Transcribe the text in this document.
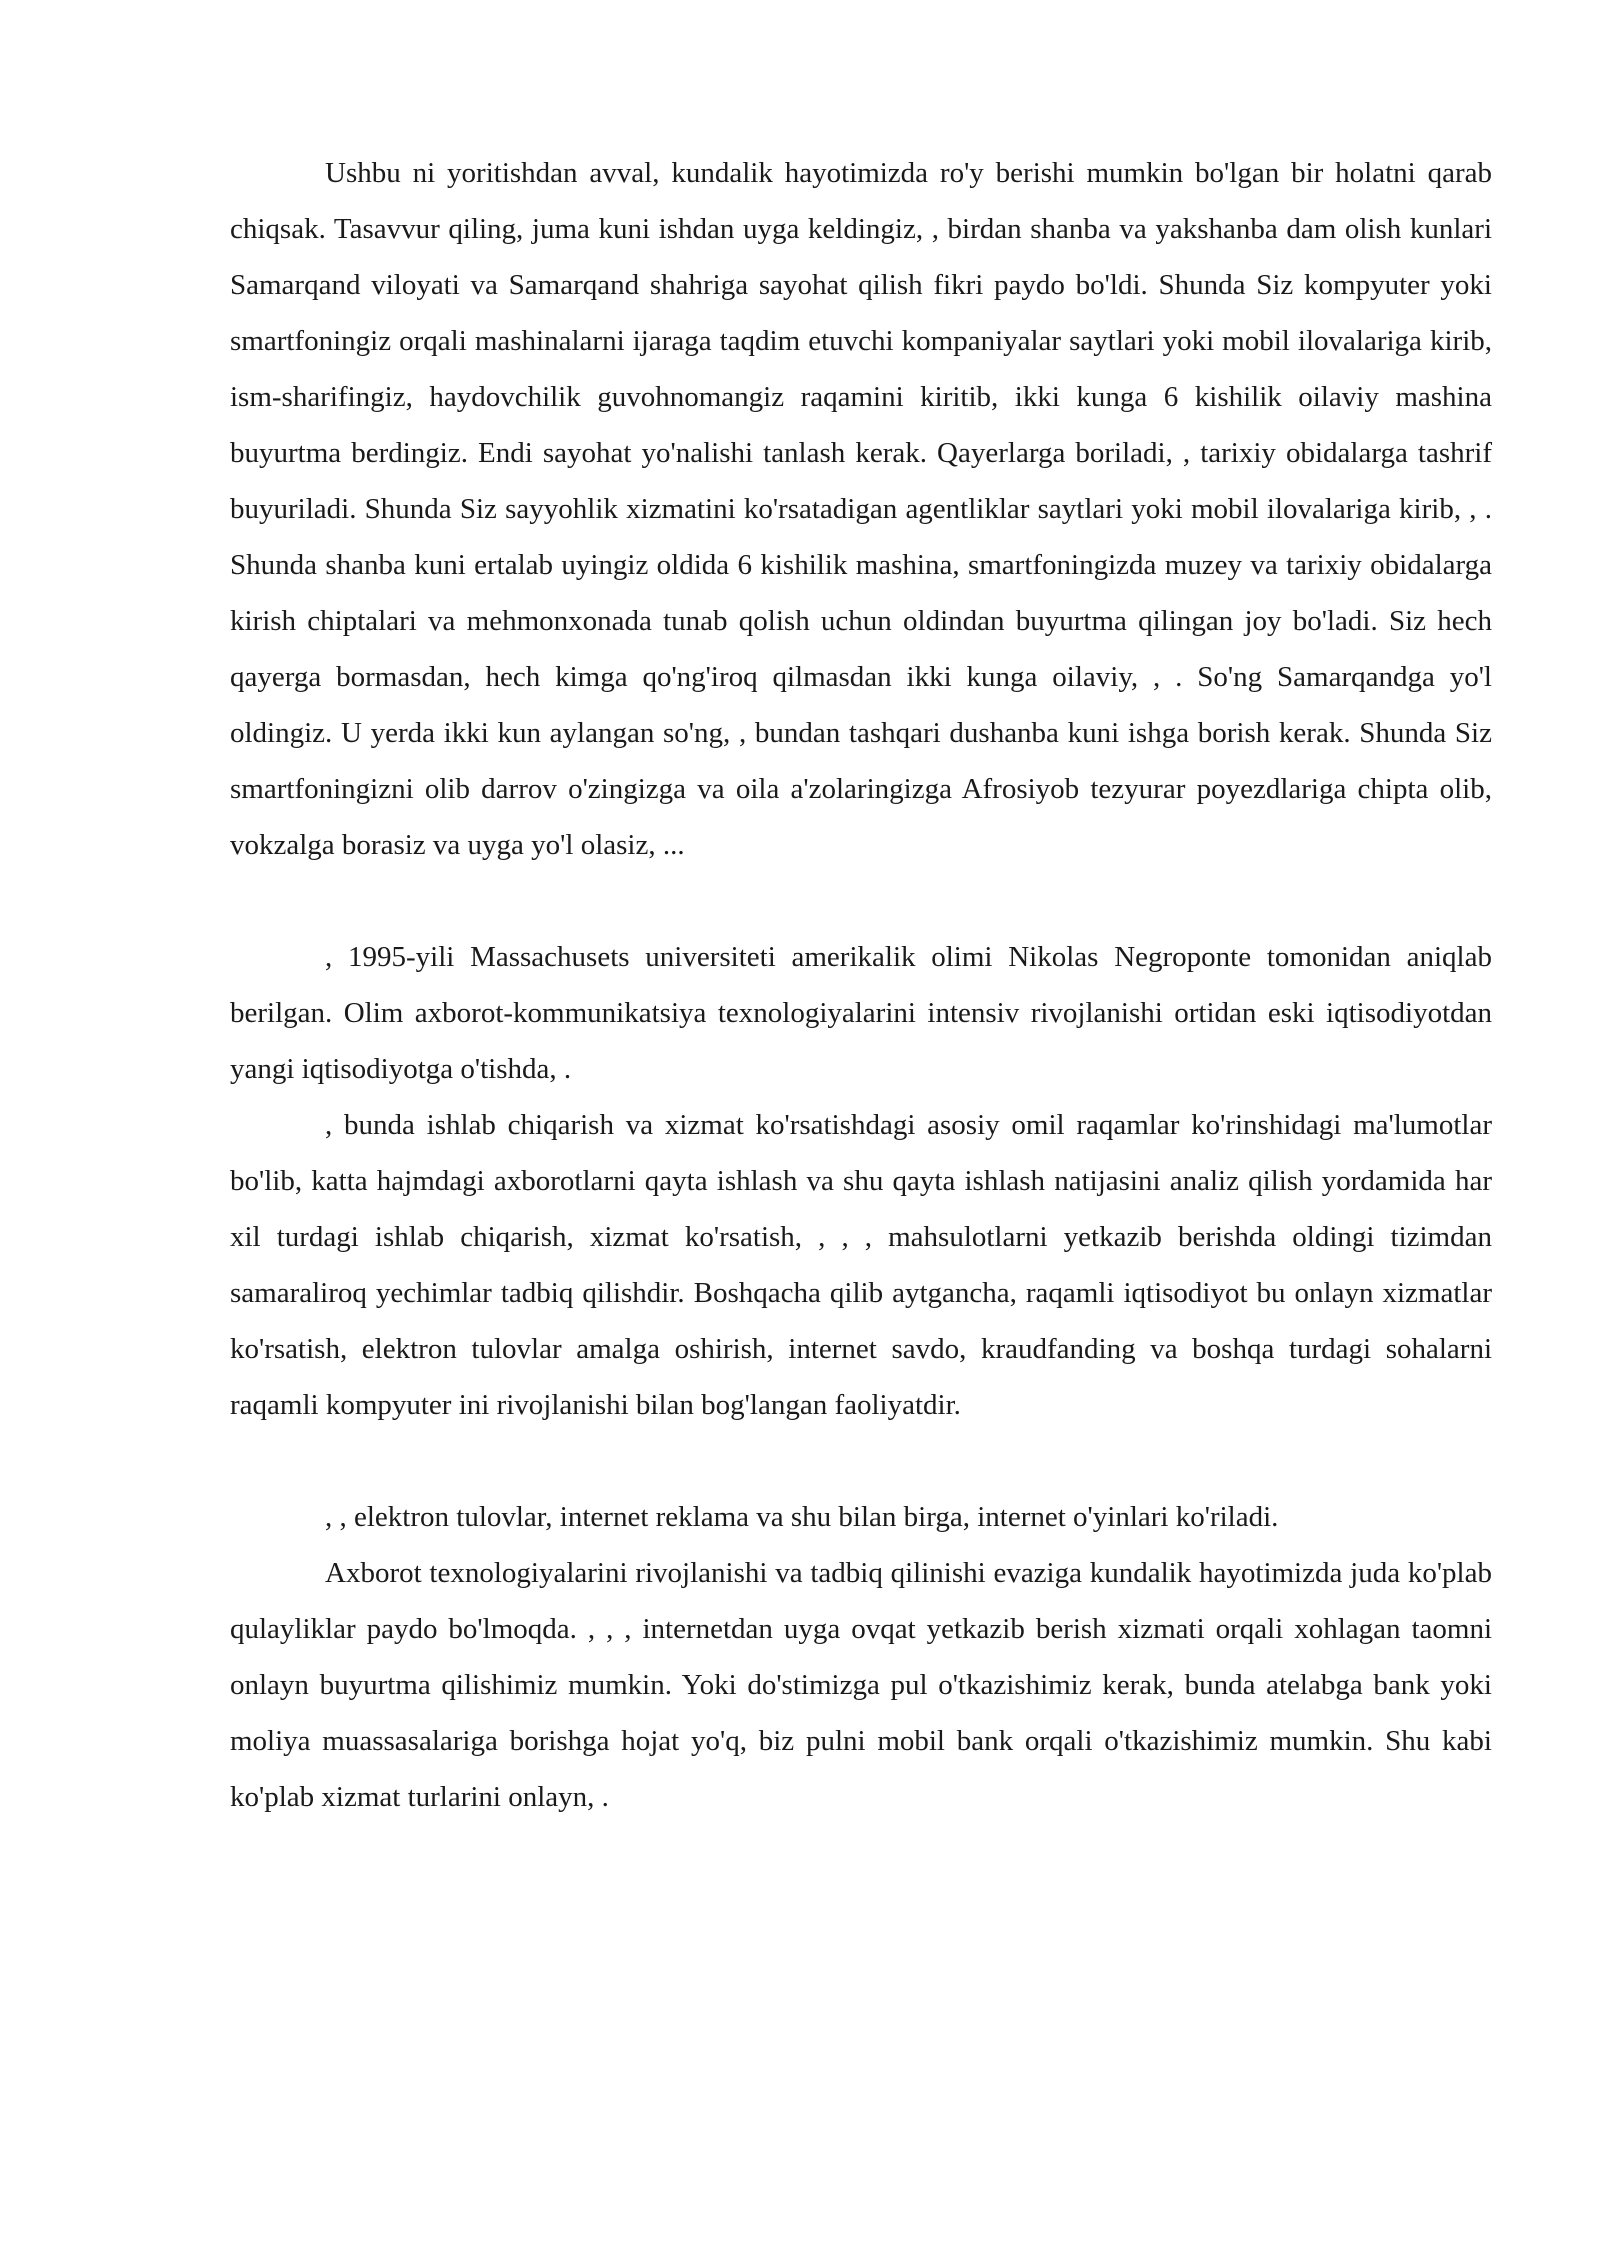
Ushbu ni yoritishdan avval, kundalik hayotimizda ro'y berishi mumkin bo'lgan bir holatni qarab chiqsak. Tasavvur qiling, juma kuni ishdan uyga keldingiz, , birdan shanba va yakshanba dam olish kunlari Samarqand viloyati va Samarqand shahriga sayohat qilish fikri paydo bo'ldi. Shunda Siz kompyuter yoki smartfoningiz orqali mashinalarni ijaraga taqdim etuvchi kompaniyalar saytlari yoki mobil ilovalariga kirib, ism-sharifingiz, haydovchilik guvohnomangiz raqamini kiritib, ikki kunga 6 kishilik oilaviy mashina buyurtma berdingiz. Endi sayohat yo'nalishi tanlash kerak. Qayerlarga boriladi, , tarixiy obidalarga tashrif buyuriladi. Shunda Siz sayyohlik xizmatini ko'rsatadigan agentliklar saytlari yoki mobil ilovalariga kirib, , . Shunda shanba kuni ertalab uyingiz oldida 6 kishilik mashina, smartfoningizda muzey va tarixiy obidalarga kirish chiptalari va mehmonxonada tunab qolish uchun oldindan buyurtma qilingan joy bo'ladi. Siz hech qayerga bormasdan, hech kimga qo'ng'iroq qilmasdan ikki kunga oilaviy, , . So'ng Samarqandga yo'l oldingiz. U yerda ikki kun aylangan so'ng, , bundan tashqari dushanba kuni ishga borish kerak. Shunda Siz smartfoningizni olib darrov o'zingizga va oila a'zolaringizga Afrosiyob tezyurar poyezdlariga chipta olib, vokzalga borasiz va uyga yo'l olasiz, ...

, 1995-yili Massachusets universiteti amerikalik olimi Nikolas Negroponte tomonidan aniqlab berilgan. Olim axborot-kommunikatsiya texnologiyalarini intensiv rivojlanishi ortidan eski iqtisodiyotdan yangi iqtisodiyotga o'tishda, .

, bunda ishlab chiqarish va xizmat ko'rsatishdagi asosiy omil raqamlar ko'rinshidagi ma'lumotlar bo'lib, katta hajmdagi axborotlarni qayta ishlash va shu qayta ishlash natijasini analiz qilish yordamida har xil turdagi ishlab chiqarish, xizmat ko'rsatish, , , , mahsulotlarni yetkazib berishda oldingi tizimdan samaraliroq yechimlar tadbiq qilishdir. Boshqacha qilib aytgancha, raqamli iqtisodiyot bu onlayn xizmatlar ko'rsatish, elektron tulovlar amalga oshirish, internet savdo, kraudfanding va boshqa turdagi sohalarni raqamli kompyuter ini rivojlanishi bilan bog'langan faoliyatdir.

, , elektron tulovlar, internet reklama va shu bilan birga, internet o'yinlari ko'riladi.

Axborot texnologiyalarini rivojlanishi va tadbiq qilinishi evaziga kundalik hayotimizda juda ko'plab qulayliklar paydo bo'lmoqda. , , , internetdan uyga ovqat yetkazib berish xizmati orqali xohlagan taomni onlayn buyurtma qilishimiz mumkin. Yoki do'stimizga pul o'tkazishimiz kerak, bunda atelabga bank yoki moliya muassasalariga borishga hojat yo'q, biz pulni mobil bank orqali o'tkazishimiz mumkin. Shu kabi ko'plab xizmat turlarini onlayn, .
